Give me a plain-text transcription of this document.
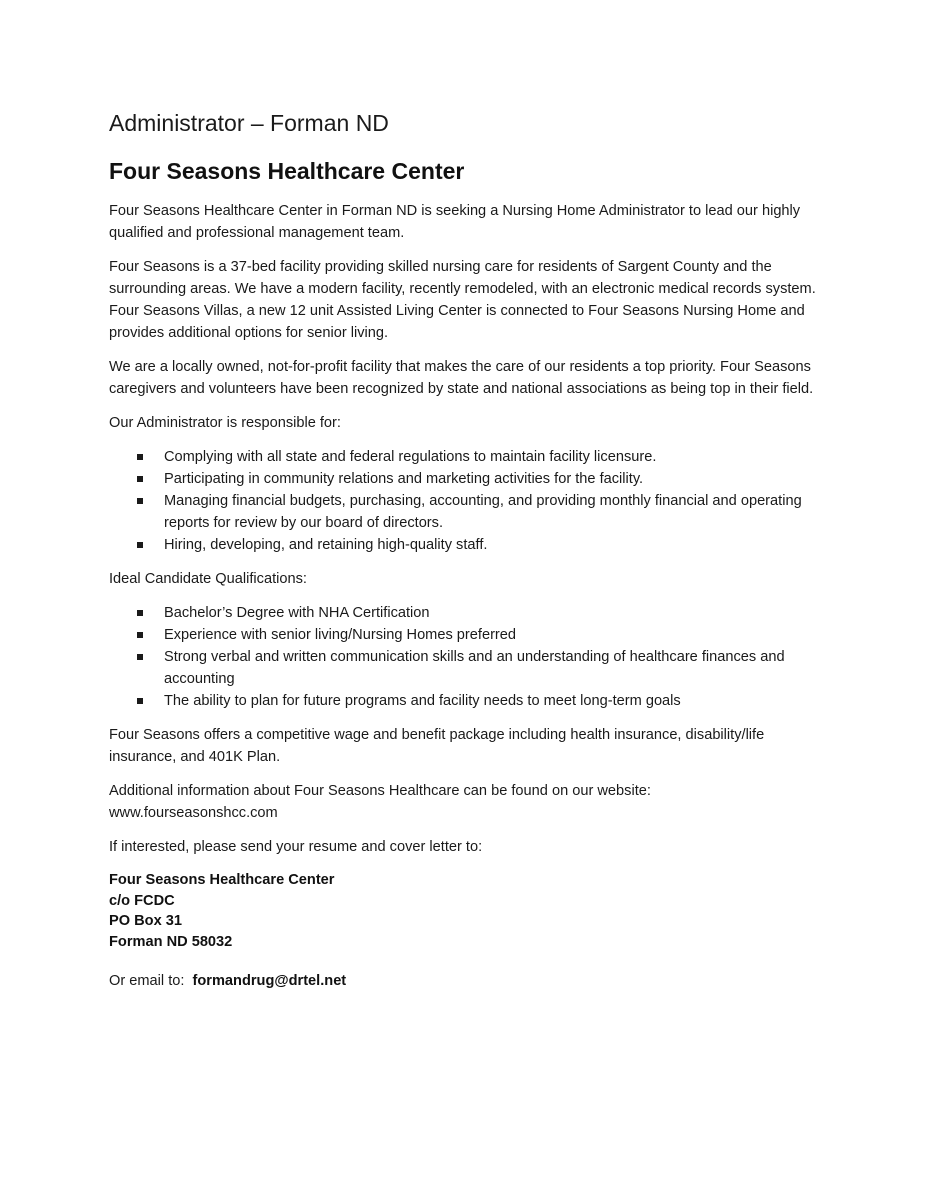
Administrator – Forman ND
Four Seasons Healthcare Center

Four Seasons Healthcare Center in Forman ND is seeking a Nursing Home Administrator to lead our highly qualified and professional management team.

Four Seasons is a 37-bed facility providing skilled nursing care for residents of Sargent County and the surrounding areas. We have a modern facility, recently remodeled, with an electronic medical records system. Four Seasons Villas, a new 12 unit Assisted Living Center is connected to Four Seasons Nursing Home and provides additional options for senior living.

We are a locally owned, not-for-profit facility that makes the care of our residents a top priority. Four Seasons caregivers and volunteers have been recognized by state and national associations as being top in their field.

Our Administrator is responsible for:

Complying with all state and federal regulations to maintain facility licensure.
Participating in community relations and marketing activities for the facility.
Managing financial budgets, purchasing, accounting, and providing monthly financial and operating reports for review by our board of directors.
Hiring, developing, and retaining high-quality staff.

Ideal Candidate Qualifications:

Bachelor’s Degree with NHA Certification
Experience with senior living/Nursing Homes preferred
Strong verbal and written communication skills and an understanding of healthcare finances and accounting
The ability to plan for future programs and facility needs to meet long-term goals

Four Seasons offers a competitive wage and benefit package including health insurance, disability/life insurance, and 401K Plan.

Additional information about Four Seasons Healthcare can be found on our website:
www.fourseasonshcc.com

If interested, please send your resume and cover letter to:

Four Seasons Healthcare Center
c/o FCDC
PO Box 31
Forman ND 58032

Or email to: formandrug@drtel.net
